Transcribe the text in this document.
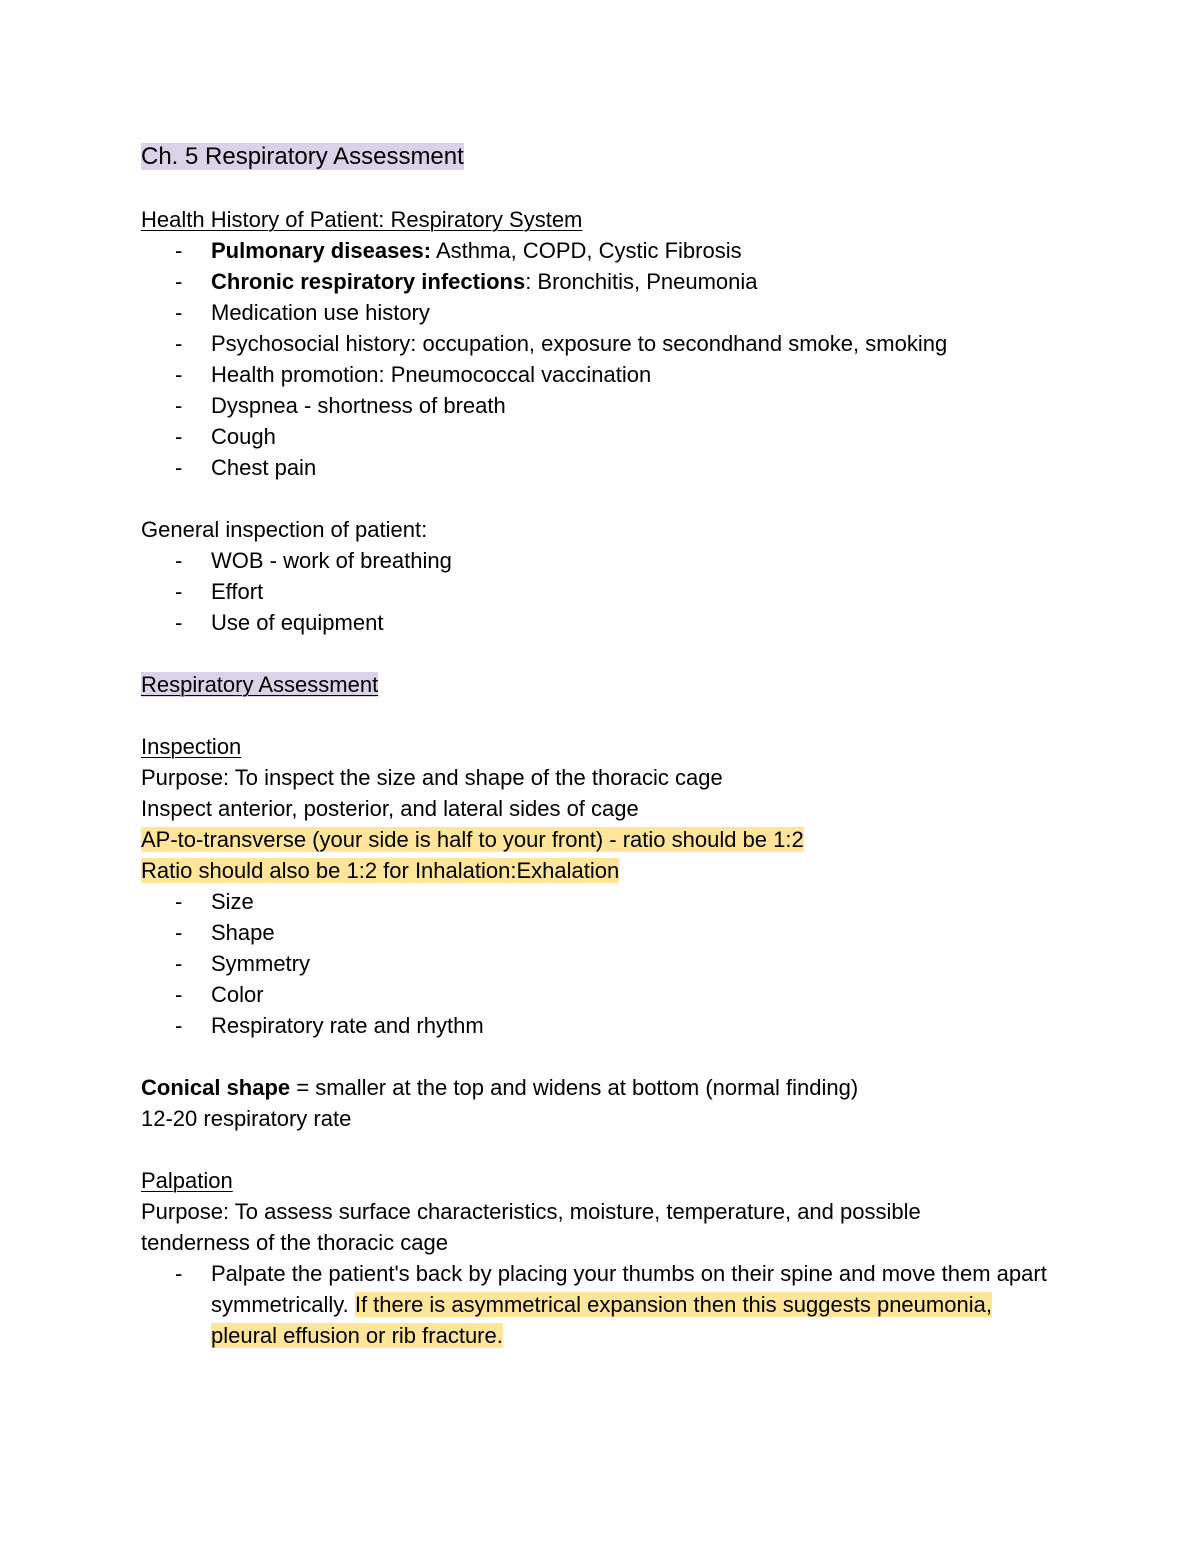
Ch. 5 Respiratory Assessment
Health History of Patient: Respiratory System
- Pulmonary diseases: Asthma, COPD, Cystic Fibrosis
- Chronic respiratory infections: Bronchitis, Pneumonia
- Medication use history
- Psychosocial history: occupation, exposure to secondhand smoke, smoking
- Health promotion: Pneumococcal vaccination
- Dyspnea - shortness of breath
- Cough
- Chest pain
General inspection of patient:
- WOB - work of breathing
- Effort
- Use of equipment
Respiratory Assessment
Inspection
Purpose: To inspect the size and shape of the thoracic cage
Inspect anterior, posterior, and lateral sides of cage
AP-to-transverse (your side is half to your front) - ratio should be 1:2
Ratio should also be 1:2 for Inhalation:Exhalation
- Size
- Shape
- Symmetry
- Color
- Respiratory rate and rhythm
Conical shape = smaller at the top and widens at bottom (normal finding)
12-20 respiratory rate
Palpation
Purpose: To assess surface characteristics, moisture, temperature, and possible tenderness of the thoracic cage
- Palpate the patient's back by placing your thumbs on their spine and move them apart symmetrically. If there is asymmetrical expansion then this suggests pneumonia, pleural effusion or rib fracture.
